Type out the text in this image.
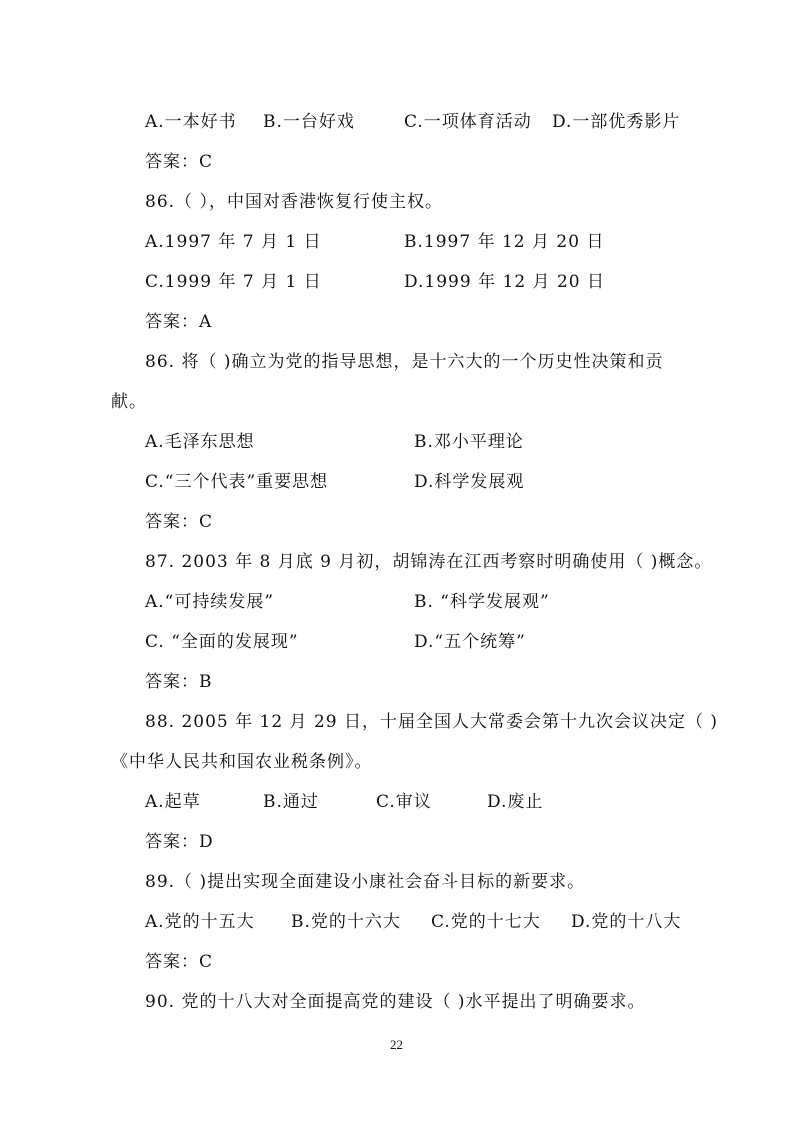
A.一本好书 B.一台好戏	C.一项体育活动 D.一部优秀影片
答案：C
86.（ ），中国对香港恢复行使主权。
A.1997 年 7 月 1 日	B.1997 年 12 月 20 日
C.1999 年 7 月 1 日	D.1999 年 12 月 20 日
答案：A
86. 将（ )确立为党的指导思想，是十六大的一个历史性决策和贡
献。
A.毛泽东思想	B.邓小平理论
C.“三个代表”重要思想	D.科学发展观
答案：C
87. 2003 年 8 月底 9 月初，胡锦涛在江西考察时明确使用（ )概念。
A.“可持续发展”	B. “科学发展观”
C. “全面的发展现”	D.“五个统筹”
答案：B
88. 2005 年 12 月 29 日，十届全国人大常委会第十九次会议决定（ )
《中华人民共和国农业税条例》。
A.起草	B.通过	C.审议	D.废止
答案：D
89.（ )提出实现全面建设小康社会奋斗目标的新要求。
A.党的十五大 B.党的十六大 C.党的十七大 D.党的十八大
答案：C
90. 党的十八大对全面提高党的建设（ )水平提出了明确要求。
22
